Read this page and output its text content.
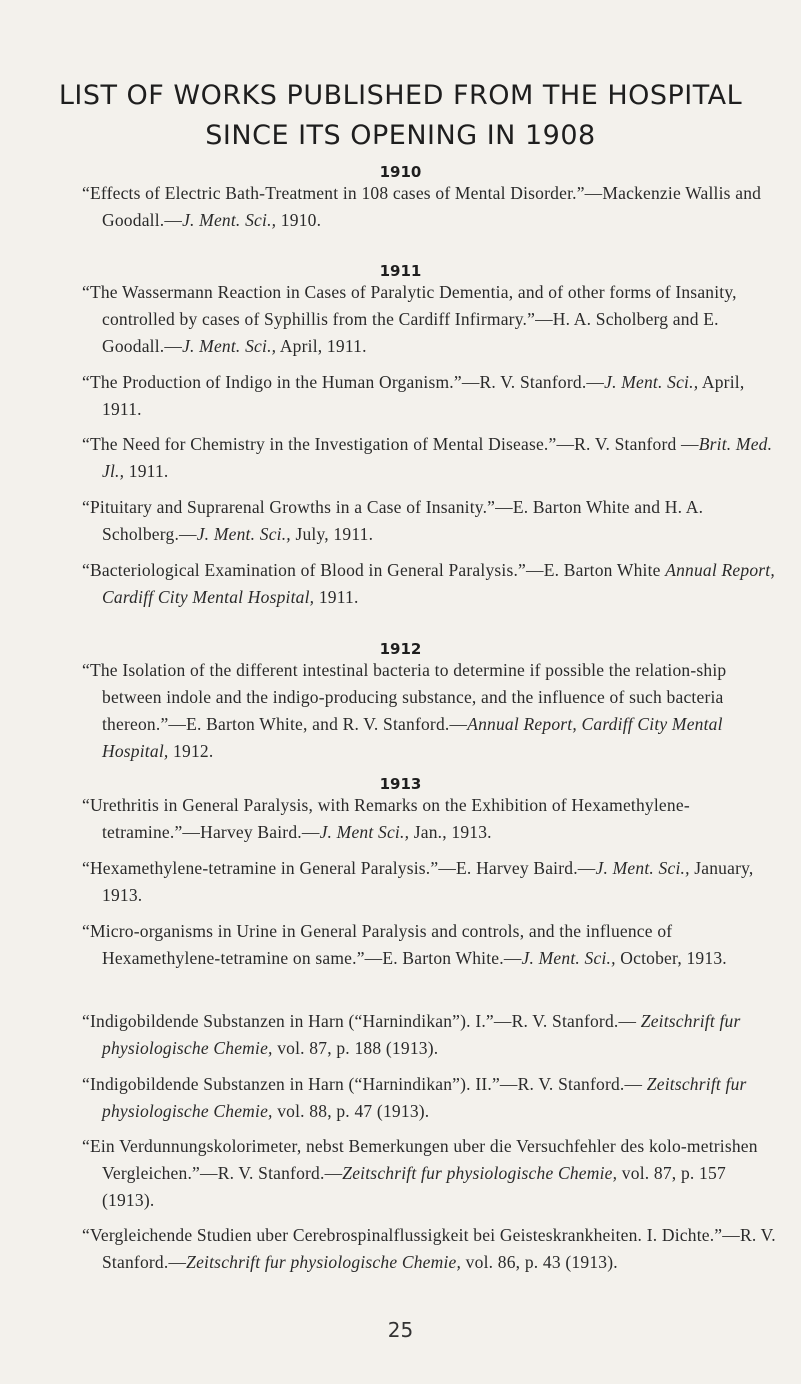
LIST OF WORKS PUBLISHED FROM THE HOSPITAL
SINCE ITS OPENING IN 1908
1910
“Effects of Electric Bath-Treatment in 108 cases of Mental Disorder.”—Mackenzie Wallis and Goodall.—J. Ment. Sci., 1910.
1911
“The Wassermann Reaction in Cases of Paralytic Dementia, and of other forms of Insanity, controlled by cases of Syphillis from the Cardiff Infirmary.”—H. A. Scholberg and E. Goodall.—J. Ment. Sci., April, 1911.
“The Production of Indigo in the Human Organism.”—R. V. Stanford.—J. Ment. Sci., April, 1911.
“The Need for Chemistry in the Investigation of Mental Disease.”—R. V. Stanford —Brit. Med. Jl., 1911.
“Pituitary and Suprarenal Growths in a Case of Insanity.”—E. Barton White and H. A. Scholberg.—J. Ment. Sci., July, 1911.
“Bacteriological Examination of Blood in General Paralysis.”—E. Barton White Annual Report, Cardiff City Mental Hospital, 1911.
1912
“The Isolation of the different intestinal bacteria to determine if possible the relation-ship between indole and the indigo-producing substance, and the influence of such bacteria thereon.”—E. Barton White, and R. V. Stanford.—Annual Report, Cardiff City Mental Hospital, 1912.
1913
“Urethritis in General Paralysis, with Remarks on the Exhibition of Hexamethylene-tetramine.”—Harvey Baird.—J. Ment Sci., Jan., 1913.
“Hexamethylene-tetramine in General Paralysis.”—E. Harvey Baird.—J. Ment. Sci., January, 1913.
“Micro-organisms in Urine in General Paralysis and controls, and the influence of Hexamethylene-tetramine on same.”—E. Barton White.—J. Ment. Sci., October, 1913.
“Indigobildende Substanzen in Harn (“Harnindikan”). I.”—R. V. Stanford.— Zeitschrift fur physiologische Chemie, vol. 87, p. 188 (1913).
“Indigobildende Substanzen in Harn (“Harnindikan”). II.”—R. V. Stanford.— Zeitschrift fur physiologische Chemie, vol. 88, p. 47 (1913).
“Ein Verdunnungskolorimeter, nebst Bemerkungen uber die Versuchfehler des kolo-metrishen Vergleichen.”—R. V. Stanford.—Zeitschrift fur physiologische Chemie, vol. 87, p. 157 (1913).
“Vergleichende Studien uber Cerebrospinalflussigkeit bei Geisteskrankheiten. I. Dichte.”—R. V. Stanford.—Zeitschrift fur physiologische Chemie, vol. 86, p. 43 (1913).
25
